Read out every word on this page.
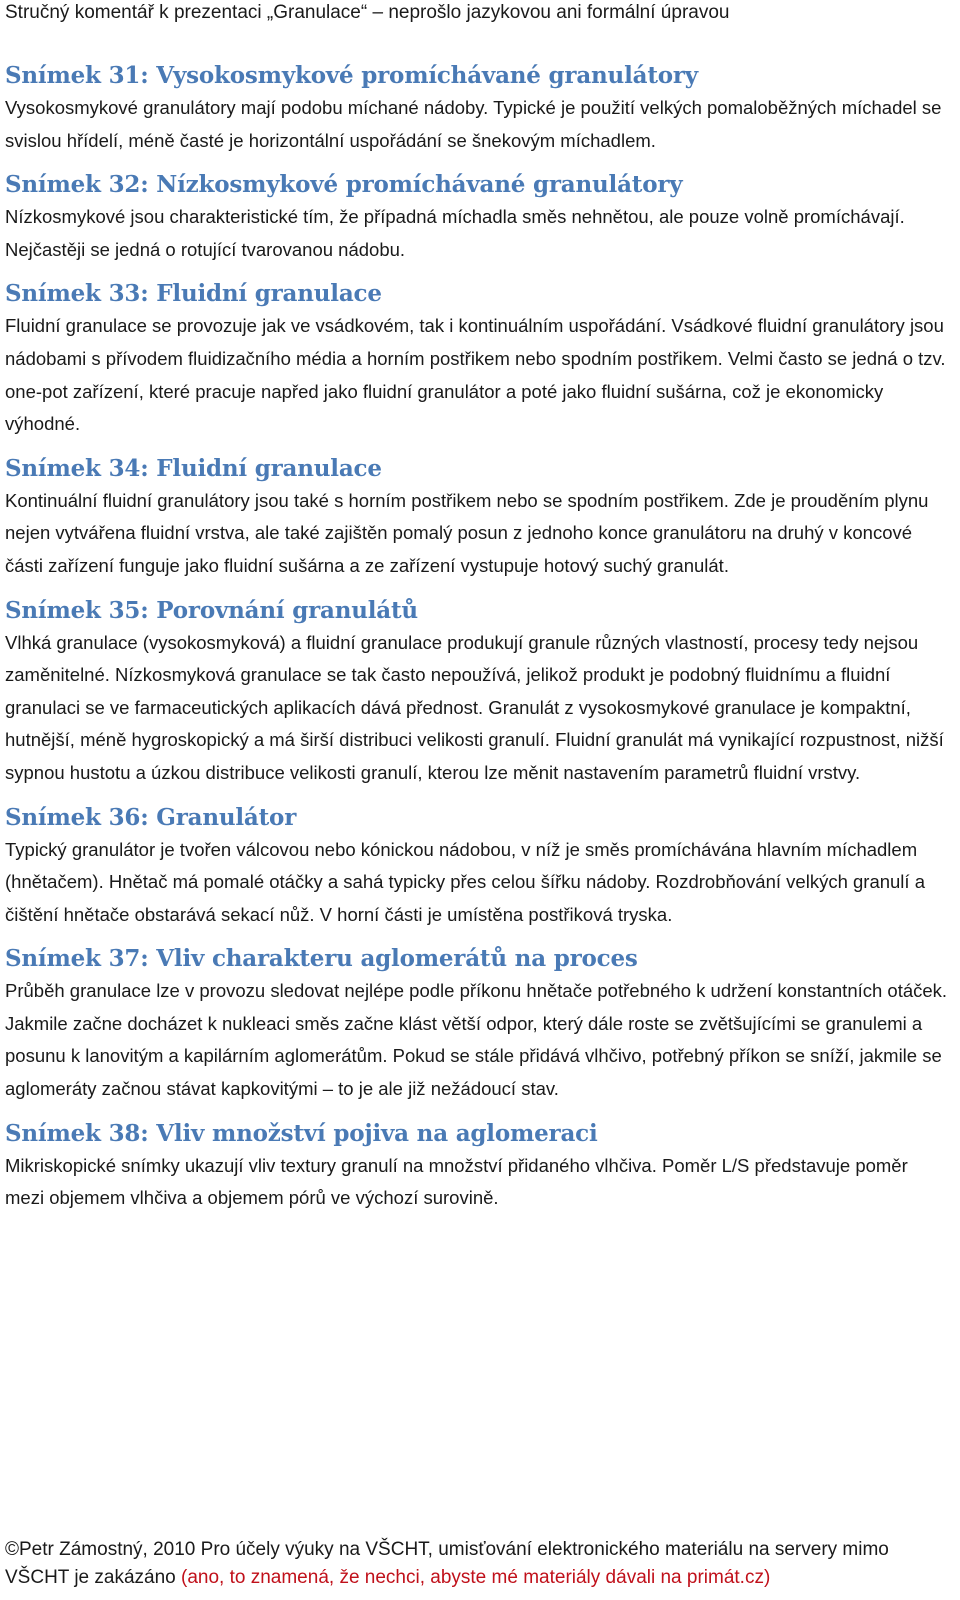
Stručný komentář k prezentaci „Granulace“ – neprošlo jazykovou ani formální úpravou
Snímek 31: Vysokosmykové promíchávané granulátory

Vysokosmykové granulátory mají podobu míchané nádoby. Typické je použití velkých pomaloběžných míchadel se svislou hřídelí, méně časté je horizontální uspořádání se šnekovým míchadlem.

Snímek 32: Nízkosmykové promíchávané granulátory

Nízkosmykové jsou charakteristické tím, že případná míchadla směs nehnětou, ale pouze volně promíchávají. Nejčastěji se jedná o rotující tvarovanou nádobu.

Snímek 33: Fluidní granulace

Fluidní granulace se provozuje jak ve vsádkovém, tak i kontinuálním uspořádání. Vsádkové fluidní granulátory jsou nádobami s přívodem fluidizačního média a horním postřikem nebo spodním postřikem. Velmi často se jedná o tzv. one-pot zařízení, které pracuje napřed jako fluidní granulátor a poté jako fluidní sušárna, což je ekonomicky výhodné.

Snímek 34: Fluidní granulace

Kontinuální fluidní granulátory jsou také s horním postřikem nebo se spodním postřikem. Zde je prouděním plynu nejen vytvářena fluidní vrstva, ale také zajištěn pomalý posun z jednoho konce granulátoru na druhý v koncové části zařízení funguje jako fluidní sušárna a ze zařízení vystupuje hotový suchý granulát.

Snímek 35: Porovnání granulátů

Vlhká granulace (vysokosmyková) a fluidní granulace produkují granule různých vlastností, procesy tedy nejsou zaměnitelné. Nízkosmyková granulace se tak často nepoužívá, jelikož produkt je podobný fluidnímu a fluidní granulaci se ve farmaceutických aplikacích dává přednost. Granulát z vysokosmykové granulace je kompaktní, hutnější, méně hygroskopický a má širší distribuci velikosti granulí. Fluidní granulát má vynikající rozpustnost, nižší sypnou hustotu a úzkou distribuce velikosti granulí, kterou lze měnit nastavením parametrů fluidní vrstvy.

Snímek 36: Granulátor

Typický granulátor je tvořen válcovou nebo kónickou nádobou, v níž je směs promíchávána hlavním míchadlem (hnětačem). Hnětač má pomalé otáčky a sahá typicky přes celou šířku nádoby. Rozdrobňování velkých granulí a čištění hnětače obstarává sekací nůž. V horní části je umístěna postřiková tryska.

Snímek 37: Vliv charakteru aglomerátů na proces

Průběh granulace lze v provozu sledovat nejlépe podle příkonu hnětače potřebného k udržení konstantních otáček. Jakmile začne docházet k nukleaci směs začne klást větší odpor, který dále roste se zvětšujícími se granulemi a posunu k lanovitým a kapilárním aglomerátům. Pokud se stále přidává vlhčivo, potřebný příkon se sníží, jakmile se aglomeráty začnou stávat kapkovitými – to je ale již nežádoucí stav.

Snímek 38: Vliv množství pojiva na aglomeraci

Mikriskopické snímky ukazují vliv textury granulí na množství přidaného vlhčiva. Poměr L/S představuje poměr mezi objemem vlhčiva a objemem pórů ve výchozí surovině.

©Petr Zámostný, 2010 Pro účely výuky na VŠCHT, umisťování elektronického materiálu na servery mimo VŠCHT je zakázáno (ano, to znamená, že nechci, abyste mé materiály dávali na primát.cz)
